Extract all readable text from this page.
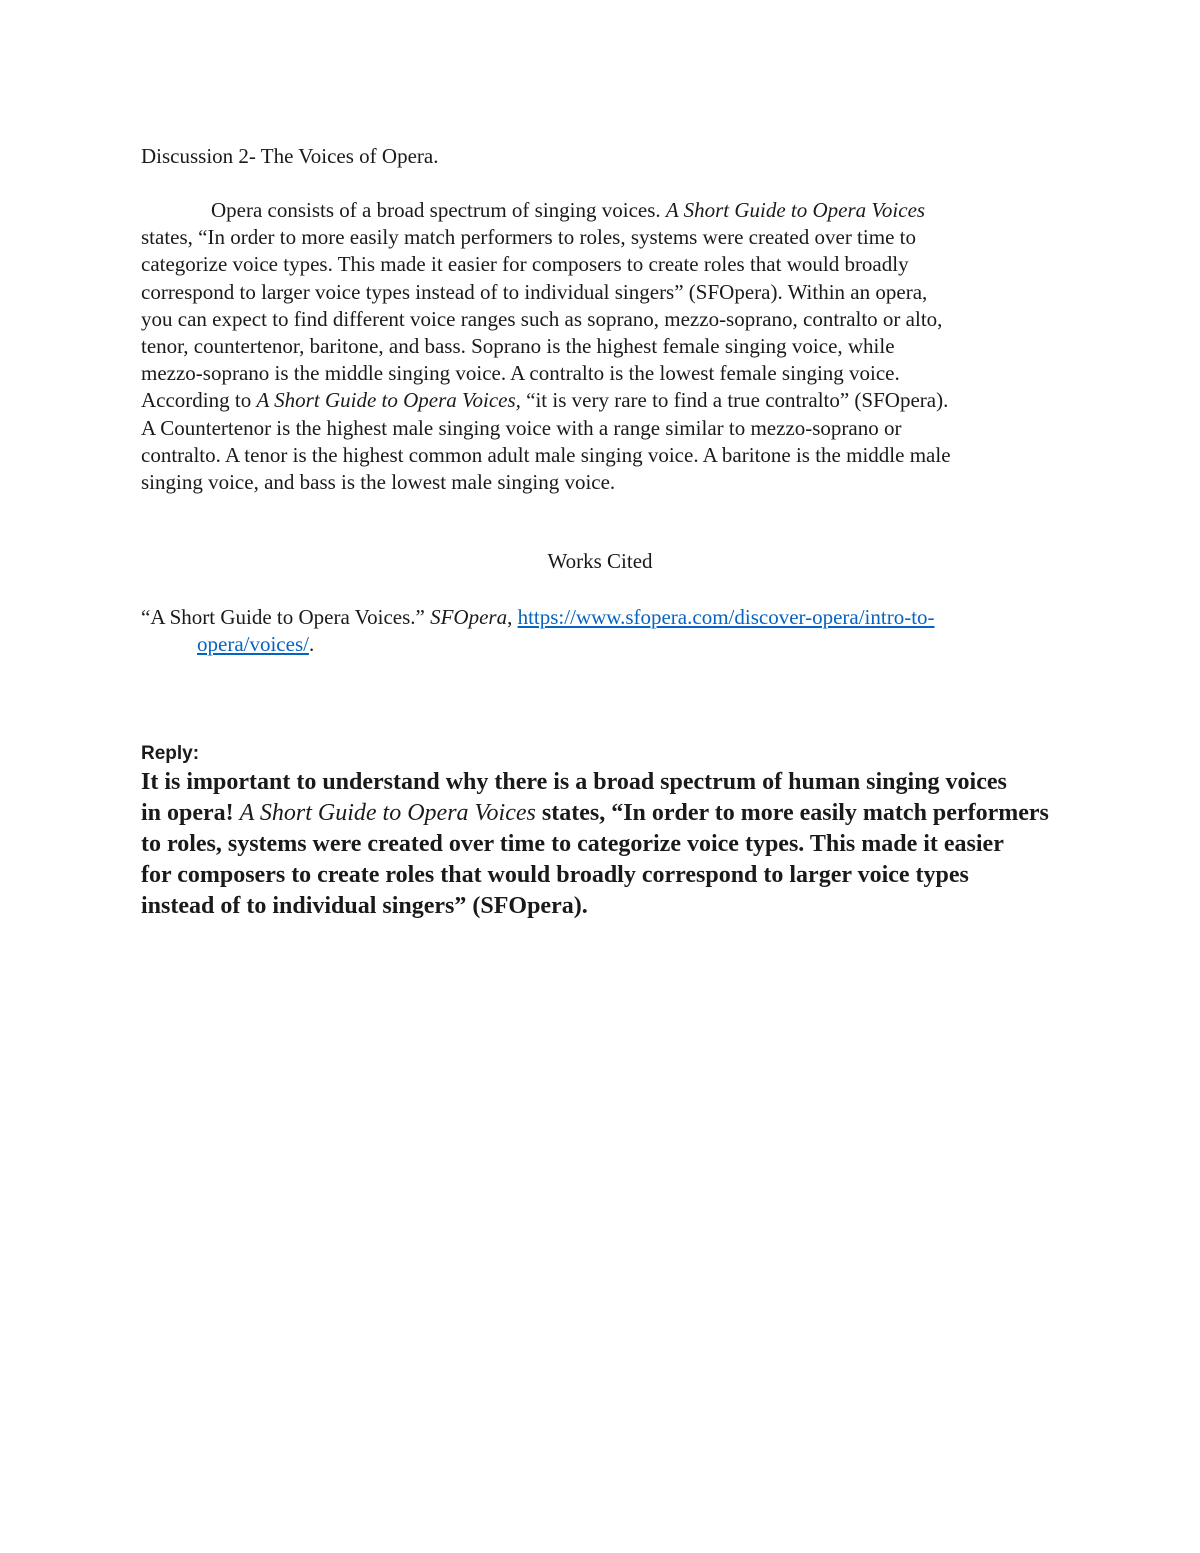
Discussion 2- The Voices of Opera.
Opera consists of a broad spectrum of singing voices. A Short Guide to Opera Voices
states, “In order to more easily match performers to roles, systems were created over time to
categorize voice types. This made it easier for composers to create roles that would broadly
correspond to larger voice types instead of to individual singers” (SFOpera). Within an opera,
you can expect to find different voice ranges such as soprano, mezzo-soprano, contralto or alto,
tenor, countertenor, baritone, and bass. Soprano is the highest female singing voice, while
mezzo-soprano is the middle singing voice. A contralto is the lowest female singing voice.
According to A Short Guide to Opera Voices, “it is very rare to find a true contralto” (SFOpera).
A Countertenor is the highest male singing voice with a range similar to mezzo-soprano or
contralto. A tenor is the highest common adult male singing voice. A baritone is the middle male
singing voice, and bass is the lowest male singing voice.
Works Cited
“A Short Guide to Opera Voices.” SFOpera, https://www.sfopera.com/discover-opera/intro-to-
opera/voices/.
Reply:
It is important to understand why there is a broad spectrum of human singing voices
in opera! A Short Guide to Opera Voices states, “In order to more easily match performers
to roles, systems were created over time to categorize voice types. This made it easier
for composers to create roles that would broadly correspond to larger voice types
instead of to individual singers” (SFOpera).
